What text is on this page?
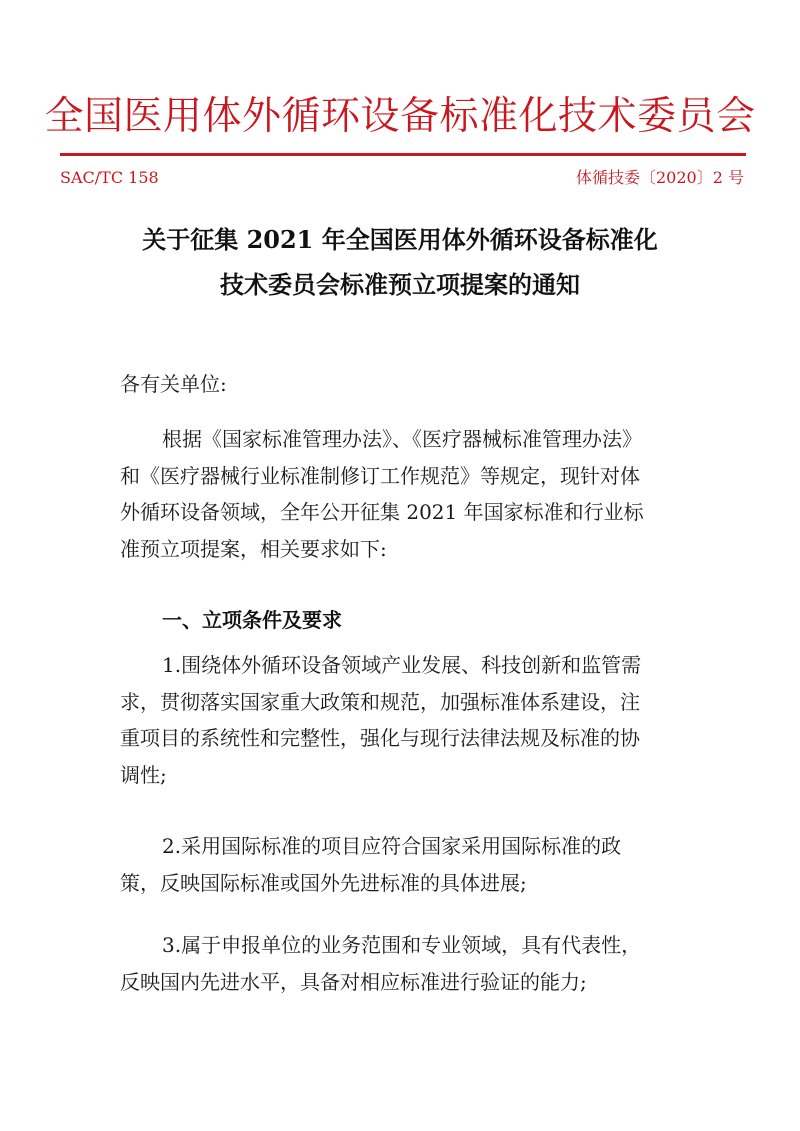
全国医用体外循环设备标准化技术委员会
SAC/TC 158	体循技委〔2020〕2 号
关于征集 2021 年全国医用体外循环设备标准化
技术委员会标准预立项提案的通知
各有关单位:
根据《国家标准管理办法》、《医疗器械标准管理办法》
和《医疗器械行业标准制修订工作规范》等规定，现针对体
外循环设备领域，全年公开征集 2021 年国家标准和行业标
准预立项提案，相关要求如下:
一、立项条件及要求
1.围绕体外循环设备领域产业发展、科技创新和监管需
求，贯彻落实国家重大政策和规范，加强标准体系建设，注
重项目的系统性和完整性，强化与现行法律法规及标准的协
调性;
2.采用国际标准的项目应符合国家采用国际标准的政
策，反映国际标准或国外先进标准的具体进展;
3.属于申报单位的业务范围和专业领域，具有代表性，
反映国内先进水平，具备对相应标准进行验证的能力;
